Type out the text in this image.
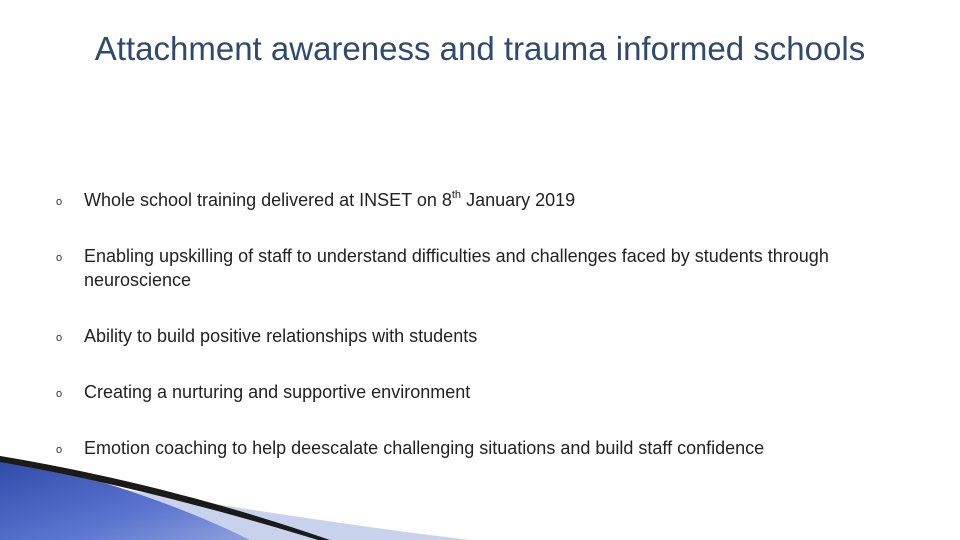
Attachment awareness and trauma informed schools
o Whole school training delivered at INSET on 8th January 2019
o Enabling upskilling of staff to understand difficulties and challenges faced by students through neuroscience
o Ability to build positive relationships with students
o Creating a nurturing and supportive environment
o Emotion coaching to help deescalate challenging situations and build staff confidence
